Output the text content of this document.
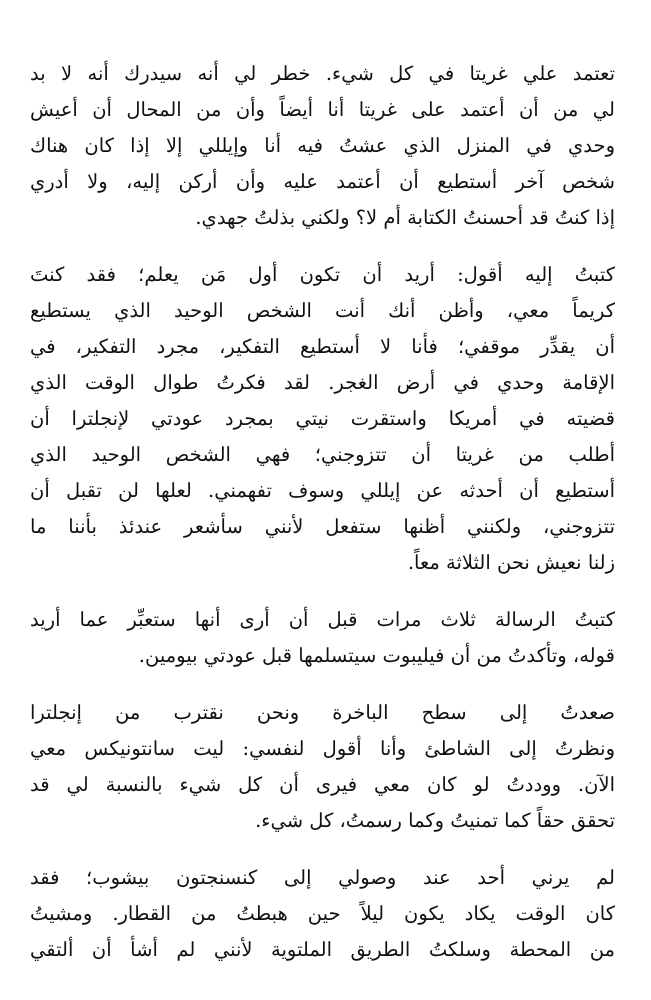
تعتمد علي غريتا في كل شيء. خطر لي أنه سيدرك أنه لا بد
لي من أن أعتمد على غريتا أنا أيضاً وأن من المحال أن أعيش
وحدي في المنزل الذي عشتُ فيه أنا وإيللي إلا إذا كان هناك
شخص آخر أستطيع أن أعتمد عليه وأن أركن إليه، ولا أدري
إذا كنتُ قد أحسنتُ الكتابة أم لا؟ ولكني بذلتُ جهدي.
كتبتُ إليه أقول: أريد أن تكون أول مَن يعلم؛ فقد كنتَ
كريماً معي، وأظن أنك أنت الشخص الوحيد الذي يستطيع
أن يقدِّر موقفي؛ فأنا لا أستطيع التفكير، مجرد التفكير، في
الإقامة وحدي في أرض الغجر. لقد فكرتُ طوال الوقت الذي
قضيته في أمريكا واستقرت نيتي بمجرد عودتي لإنجلترا أن
أطلب من غريتا أن تتزوجني؛ فهي الشخص الوحيد الذي
أستطيع أن أحدثه عن إيللي وسوف تفهمني. لعلها لن تقبل أن
تتزوجني، ولكنني أظنها ستفعل لأنني سأشعر عندئذ بأننا ما
زلنا نعيش نحن الثلاثة معاً.
كتبتُ الرسالة ثلاث مرات قبل أن أرى أنها ستعبِّر عما أريد
قوله، وتأكدتُ من أن فيليبوت سيتسلمها قبل عودتي بيومين.
صعدتُ إلى سطح الباخرة ونحن نقترب من إنجلترا
ونظرتُ إلى الشاطئ وأنا أقول لنفسي: ليت سانتونيكس معي
الآن. ووددتُ لو كان معي فيرى أن كل شيء بالنسبة لي قد
تحقق حقاً كما تمنيتُ وكما رسمتُ، كل شيء.
لم يرني أحد عند وصولي إلى كنسنجتون بيشوب؛ فقد
كان الوقت يكاد يكون ليلاً حين هبطتُ من القطار. ومشيتُ
من المحطة وسلكتُ الطريق الملتوية لأنني لم أشأ أن ألتقي
